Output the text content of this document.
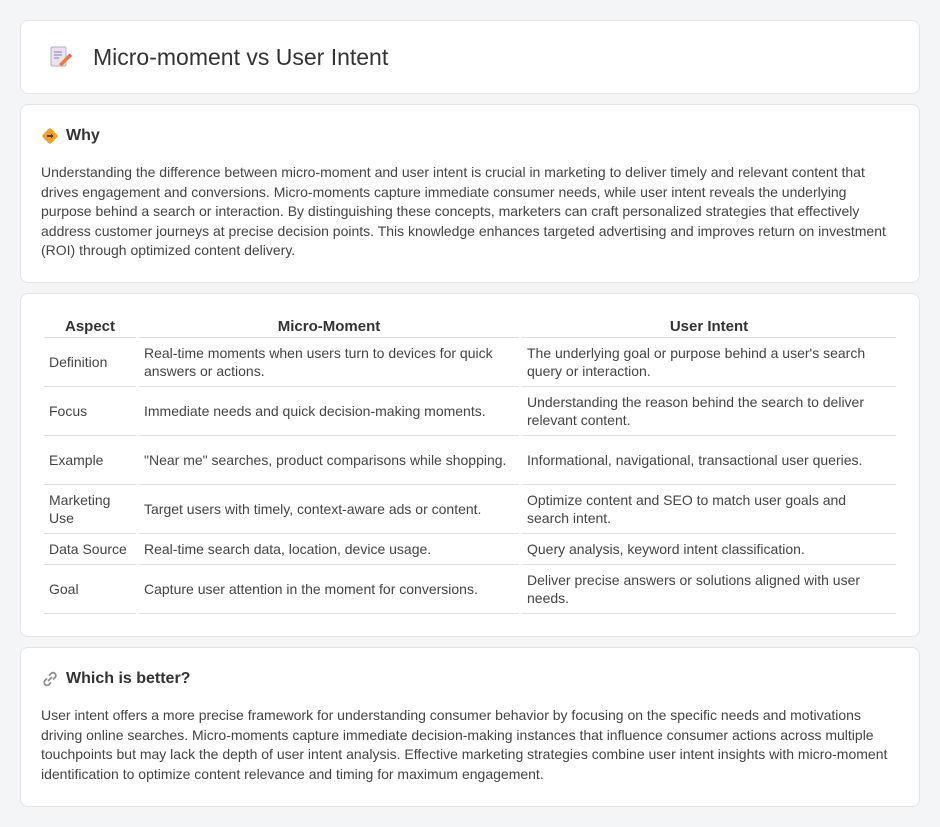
Micro-moment vs User Intent
Why

Understanding the difference between micro-moment and user intent is crucial in marketing to deliver timely and relevant content that drives engagement and conversions. Micro-moments capture immediate consumer needs, while user intent reveals the underlying purpose behind a search or interaction. By distinguishing these concepts, marketers can craft personalized strategies that effectively address customer journeys at precise decision points. This knowledge enhances targeted advertising and improves return on investment (ROI) through optimized content delivery.

Aspect	Micro-Moment	User Intent
Definition	Real-time moments when users turn to devices for quick answers or actions.	The underlying goal or purpose behind a user's search query or interaction.
Focus	Immediate needs and quick decision-making moments.	Understanding the reason behind the search to deliver relevant content.
Example	"Near me" searches, product comparisons while shopping.	Informational, navigational, transactional user queries.
Marketing Use	Target users with timely, context-aware ads or content.	Optimize content and SEO to match user goals and search intent.
Data Source	Real-time search data, location, device usage.	Query analysis, keyword intent classification.
Goal	Capture user attention in the moment for conversions.	Deliver precise answers or solutions aligned with user needs.
Which is better?

User intent offers a more precise framework for understanding consumer behavior by focusing on the specific needs and motivations driving online searches. Micro-moments capture immediate decision-making instances that influence consumer actions across multiple touchpoints but may lack the depth of user intent analysis. Effective marketing strategies combine user intent insights with micro-moment identification to optimize content relevance and timing for maximum engagement.
